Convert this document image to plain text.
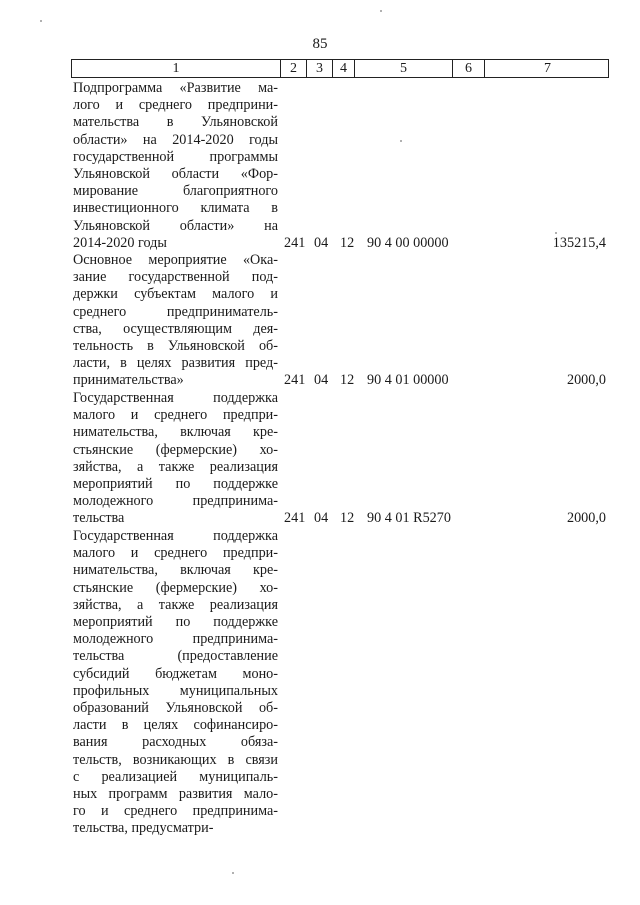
85
1	2	3	4	5	6	7
Подпрограмма «Развитие ма-
лого и среднего предприни-
мательства в Ульяновской
области» на 2014-2020 годы
государственной программы
Ульяновской области «Фор-
мирование благоприятного
инвестиционного климата в
Ульяновской области» на
2014-2020 годы	241 04 12 90 4 00 00000	135215,4
Основное мероприятие «Ока-
зание государственной под-
держки субъектам малого и
среднего предприниматель-
ства, осуществляющим дея-
тельность в Ульяновской об-
ласти, в целях развития пред-
принимательства»	241 04 12 90 4 01 00000	2000,0
Государственная поддержка
малого и среднего предпри-
нимательства, включая кре-
стьянские (фермерские) хо-
зяйства, а также реализация
мероприятий по поддержке
молодежного предпринима-
тельства	241 04 12 90 4 01 R5270	2000,0
Государственная поддержка
малого и среднего предпри-
нимательства, включая кре-
стьянские (фермерские) хо-
зяйства, а также реализация
мероприятий по поддержке
молодежного предпринима-
тельства (предоставление
субсидий бюджетам моно-
профильных муниципальных
образований Ульяновской об-
ласти в целях софинансиро-
вания расходных обяза-
тельств, возникающих в связи
с реализацией муниципаль-
ных программ развития мало-
го и среднего предпринима-
тельства, предусматри-
